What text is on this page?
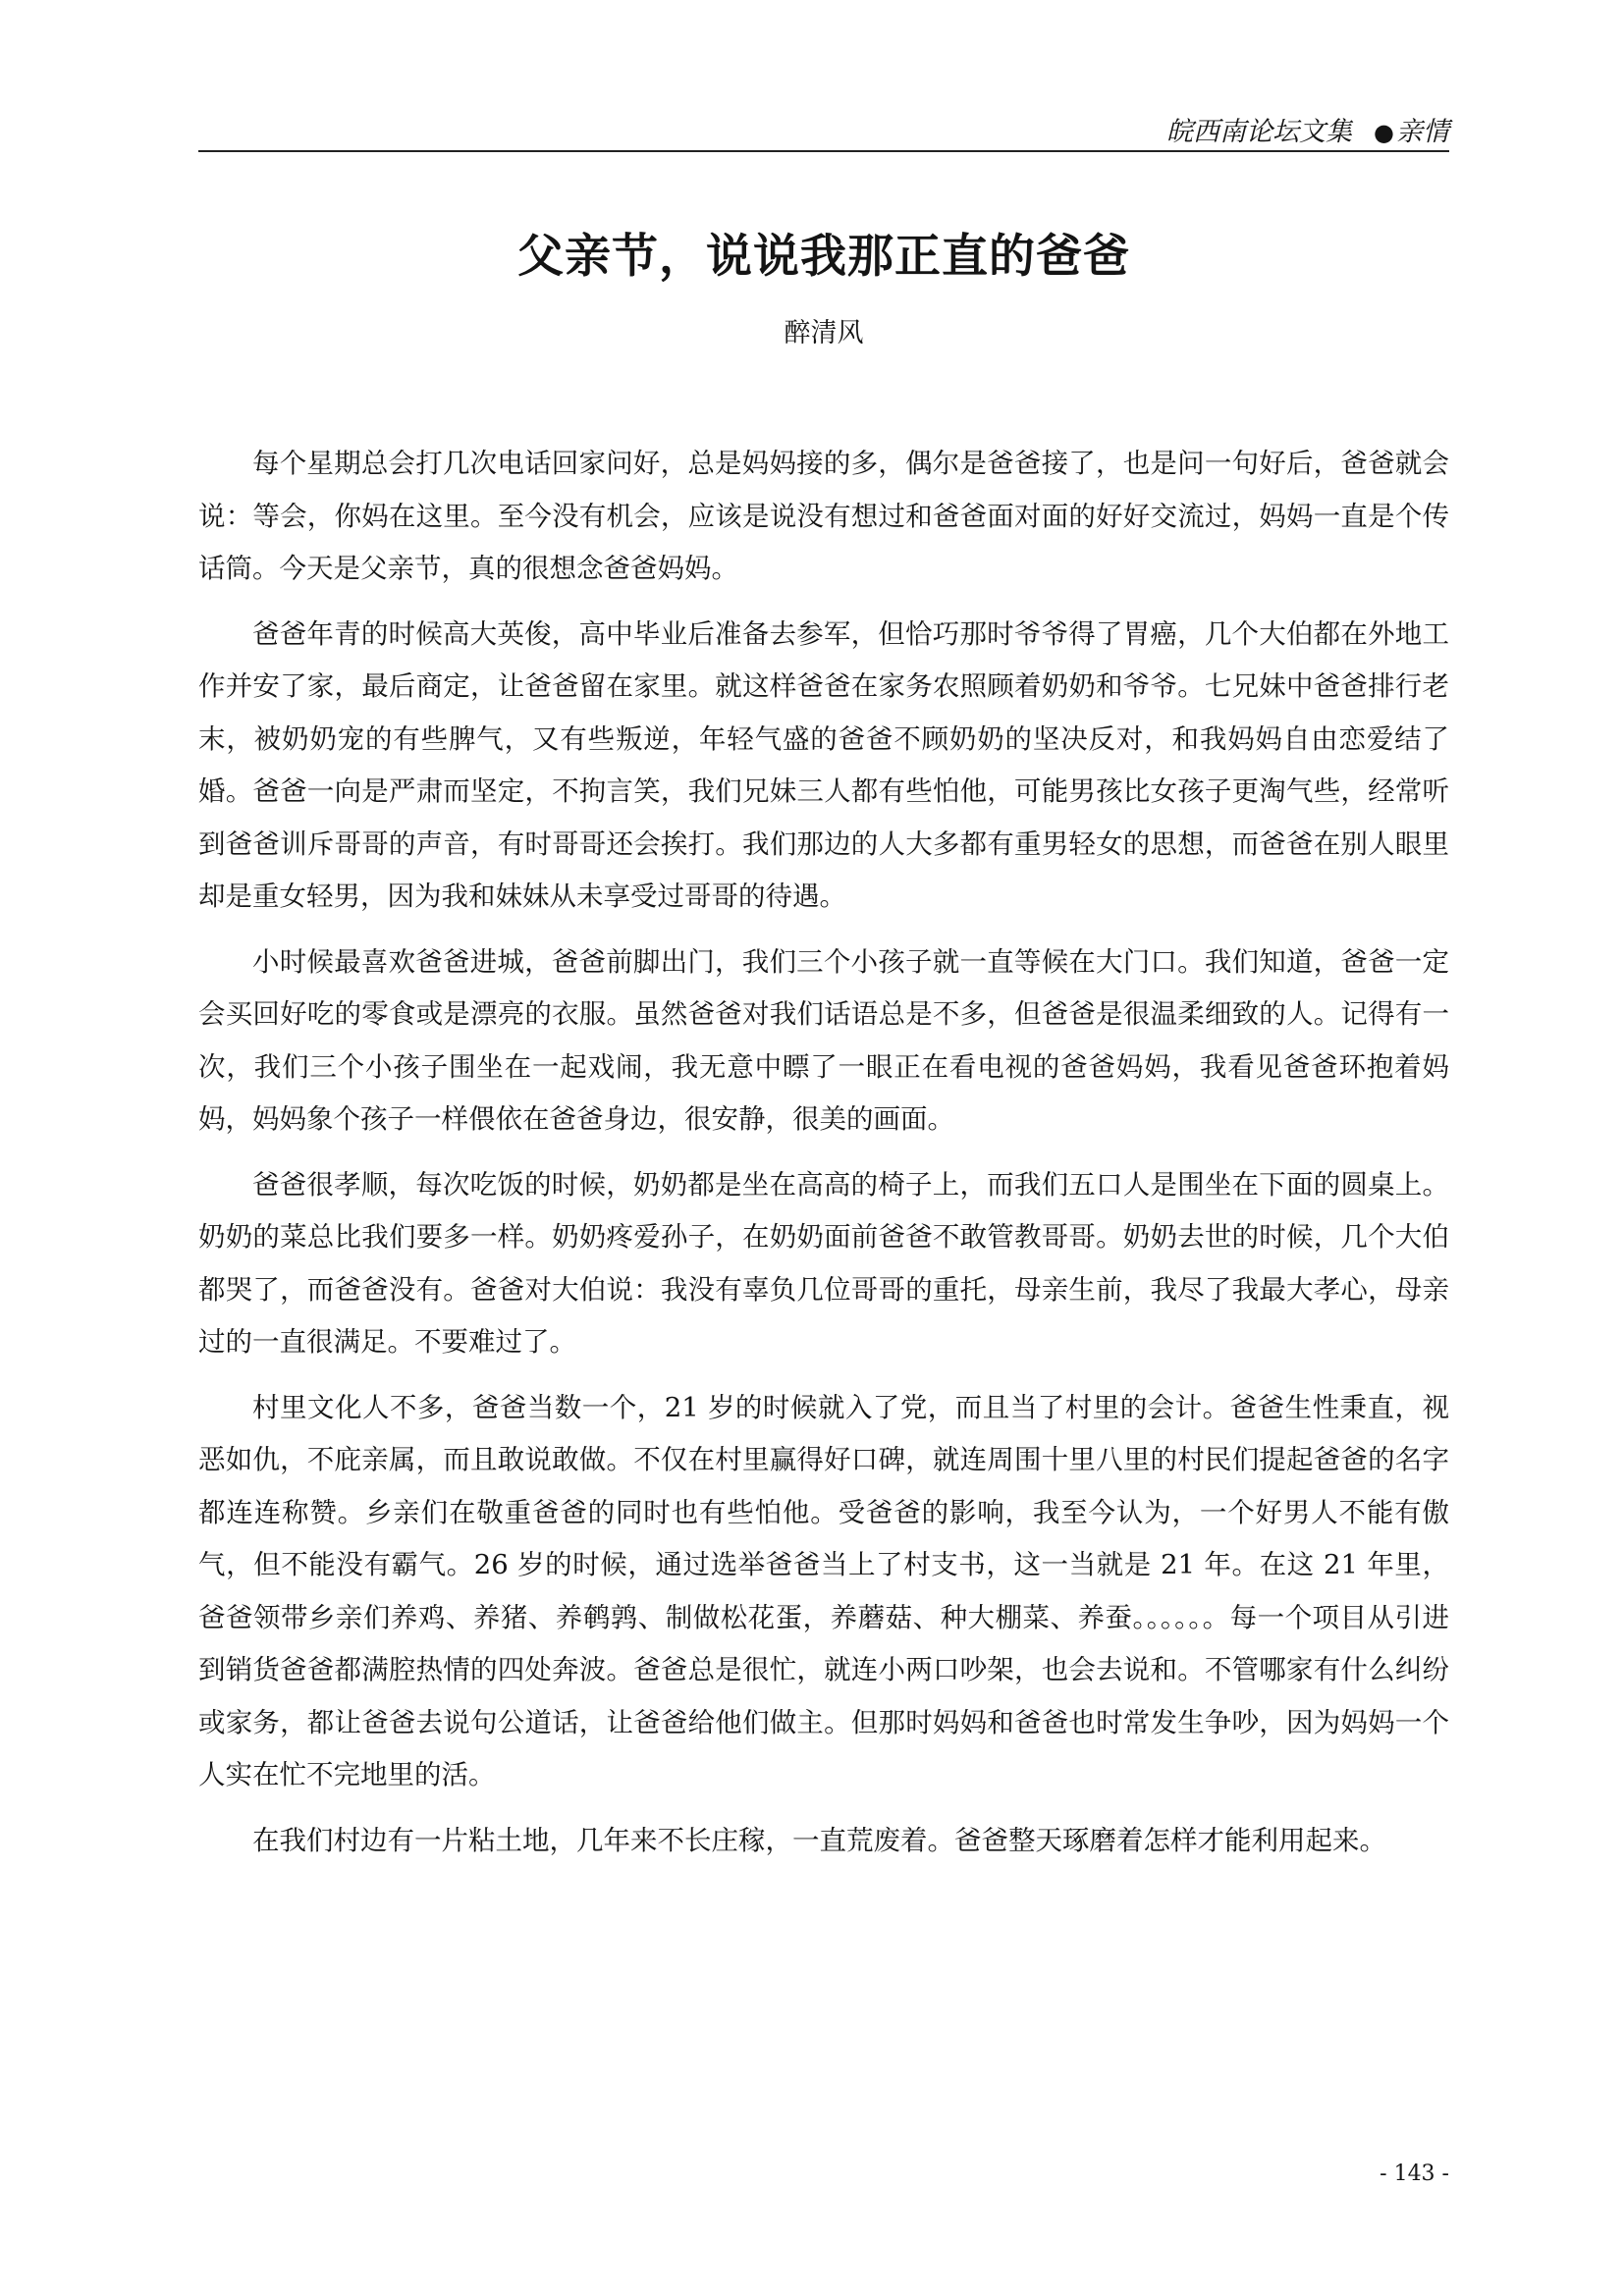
皖西南论坛文集 ●亲情
父亲节，说说我那正直的爸爸
醉清风

每个星期总会打几次电话回家问好，总是妈妈接的多，偶尔是爸爸接了，也是问一句好后，爸爸就会说：等会，你妈在这里。至今没有机会，应该是说没有想过和爸爸面对面的好好交流过，妈妈一直是个传话筒。今天是父亲节，真的很想念爸爸妈妈。

爸爸年青的时候高大英俊，高中毕业后准备去参军，但恰巧那时爷爷得了胃癌，几个大伯都在外地工作并安了家，最后商定，让爸爸留在家里。就这样爸爸在家务农照顾着奶奶和爷爷。七兄妹中爸爸排行老末，被奶奶宠的有些脾气，又有些叛逆，年轻气盛的爸爸不顾奶奶的坚决反对，和我妈妈自由恋爱结了婚。爸爸一向是严肃而坚定，不拘言笑，我们兄妹三人都有些怕他，可能男孩比女孩子更淘气些，经常听到爸爸训斥哥哥的声音，有时哥哥还会挨打。我们那边的人大多都有重男轻女的思想，而爸爸在别人眼里却是重女轻男，因为我和妹妹从未享受过哥哥的待遇。

小时候最喜欢爸爸进城，爸爸前脚出门，我们三个小孩子就一直等候在大门口。我们知道，爸爸一定会买回好吃的零食或是漂亮的衣服。虽然爸爸对我们话语总是不多，但爸爸是很温柔细致的人。记得有一次，我们三个小孩子围坐在一起戏闹，我无意中瞟了一眼正在看电视的爸爸妈妈，我看见爸爸环抱着妈妈，妈妈象个孩子一样偎依在爸爸身边，很安静，很美的画面。

爸爸很孝顺，每次吃饭的时候，奶奶都是坐在高高的椅子上，而我们五口人是围坐在下面的圆桌上。奶奶的菜总比我们要多一样。奶奶疼爱孙子，在奶奶面前爸爸不敢管教哥哥。奶奶去世的时候，几个大伯都哭了，而爸爸没有。爸爸对大伯说：我没有辜负几位哥哥的重托，母亲生前，我尽了我最大孝心，母亲过的一直很满足。不要难过了。

村里文化人不多，爸爸当数一个，21 岁的时候就入了党，而且当了村里的会计。爸爸生性秉直，视恶如仇，不庇亲属，而且敢说敢做。不仅在村里赢得好口碑，就连周围十里八里的村民们提起爸爸的名字都连连称赞。乡亲们在敬重爸爸的同时也有些怕他。受爸爸的影响，我至今认为，一个好男人不能有傲气，但不能没有霸气。26 岁的时候，通过选举爸爸当上了村支书，这一当就是 21 年。在这 21 年里，爸爸领带乡亲们养鸡、养猪、养鹌鹑、制做松花蛋，养蘑菇、种大棚菜、养蚕。。。。。。每一个项目从引进到销货爸爸都满腔热情的四处奔波。爸爸总是很忙，就连小两口吵架，也会去说和。不管哪家有什么纠纷或家务，都让爸爸去说句公道话，让爸爸给他们做主。但那时妈妈和爸爸也时常发生争吵，因为妈妈一个人实在忙不完地里的活。

在我们村边有一片粘土地，几年来不长庄稼，一直荒废着。爸爸整天琢磨着怎样才能利用起来。

- 143 -
